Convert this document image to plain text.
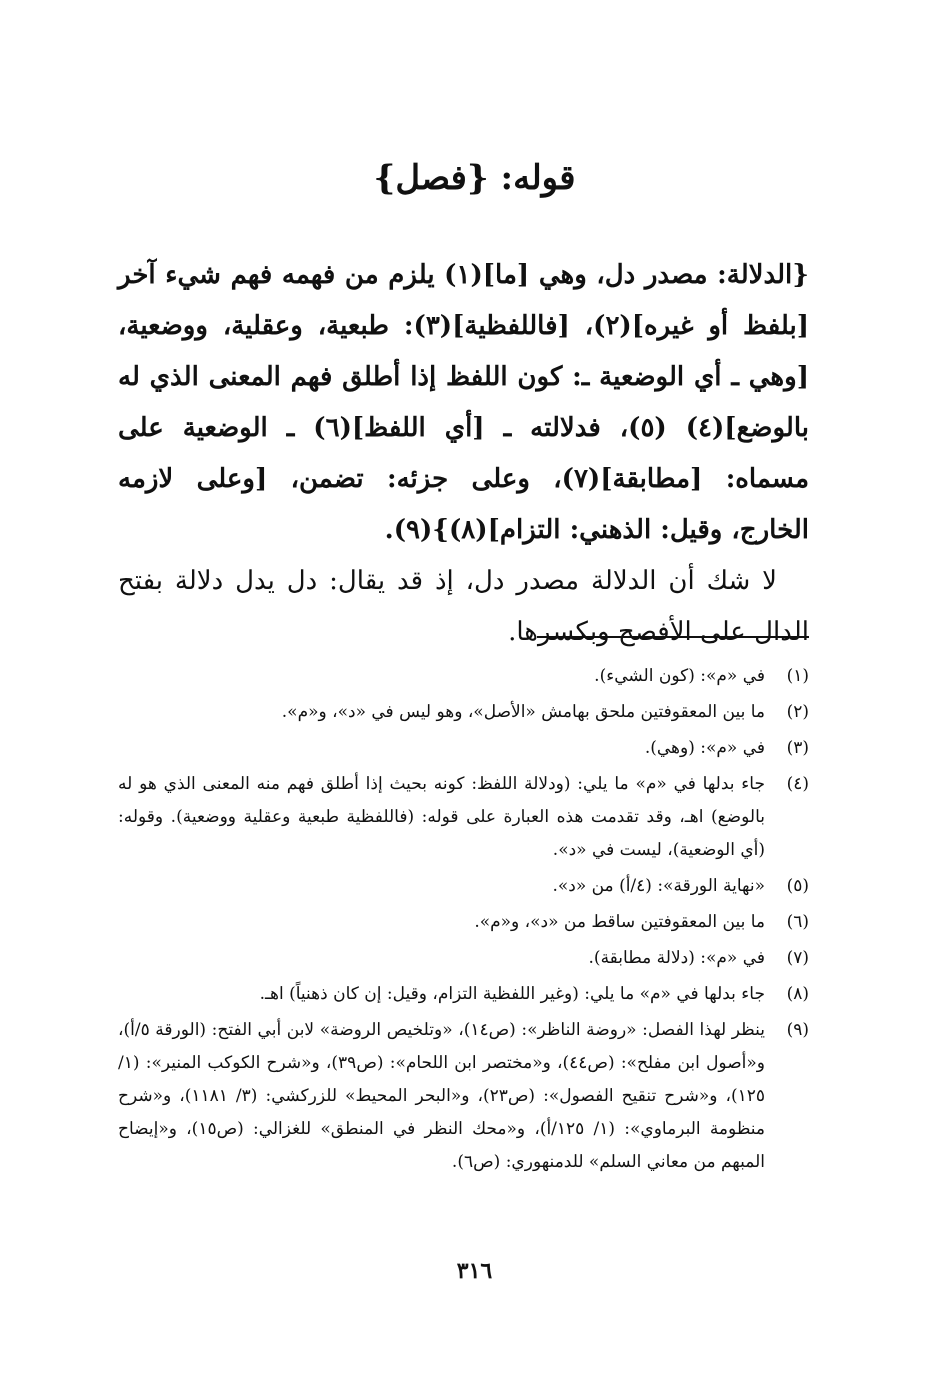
قوله: {فصل}

{الدلالة: مصدر دل، وهي [ما](١) يلزم من فهمه فهم شيء آخر [بلفظ أو غيره](٢)، [فاللفظية](٣): طبعية، وعقلية، ووضعية، [وهي ـ أي الوضعية ـ: كون اللفظ إذا أطلق فهم المعنى الذي له بالوضع](٤) (٥)، فدلالته ـ [أي اللفظ](٦) ـ الوضعية على مسماه: [مطابقة](٧)، وعلى جزئه: تضمن، [وعلى لازمه الخارج، وقيل: الذهني: التزام](٨)}(٩).

لا شك أن الدلالة مصدر دل، إذ قد يقال: دل يدل دلالة بفتح الدال على الأفصح وبكسرها.

(١)
في «م»: (كون الشيء).
(٢)
ما بين المعقوفتين ملحق بهامش «الأصل»، وهو ليس في «د»، و«م».
(٣)
في «م»: (وهي).
(٤)
جاء بدلها في «م» ما يلي: (ودلالة اللفظ: كونه بحيث إذا أطلق فهم منه المعنى الذي هو له بالوضع) اهـ، وقد تقدمت هذه العبارة على قوله: (فاللفظية طبعية وعقلية ووضعية). وقوله: (أي الوضعية)، ليست في «د».
(٥)
«نهاية الورقة»: (٤/أ) من «د».
(٦)
ما بين المعقوفتين ساقط من «د»، و«م».
(٧)
في «م»: (دلالة مطابقة).
(٨)
جاء بدلها في «م» ما يلي: (وغير اللفظية التزام، وقيل: إن كان ذهنياً) اهـ.
(٩)
ينظر لهذا الفصل: «روضة الناظر»: (ص١٤)، «وتلخيص الروضة» لابن أبي الفتح: (الورقة ٥/أ)، و«أصول ابن مفلح»: (ص٤٤)، و«مختصر ابن اللحام»: (ص٣٩)، و«شرح الكوكب المنير»: (١/ ١٢٥)، و«شرح تنقيح الفصول»: (ص٢٣)، و«البحر المحيط» للزركشي: (٣/ ١١٨١)، و«شرح منظومة البرماوي»: (١/ ١٢٥/أ)، و«محك النظر في المنطق» للغزالي: (ص١٥)، و«إيضاح المبهم من معاني السلم» للدمنهوري: (ص٦).
٣١٦
